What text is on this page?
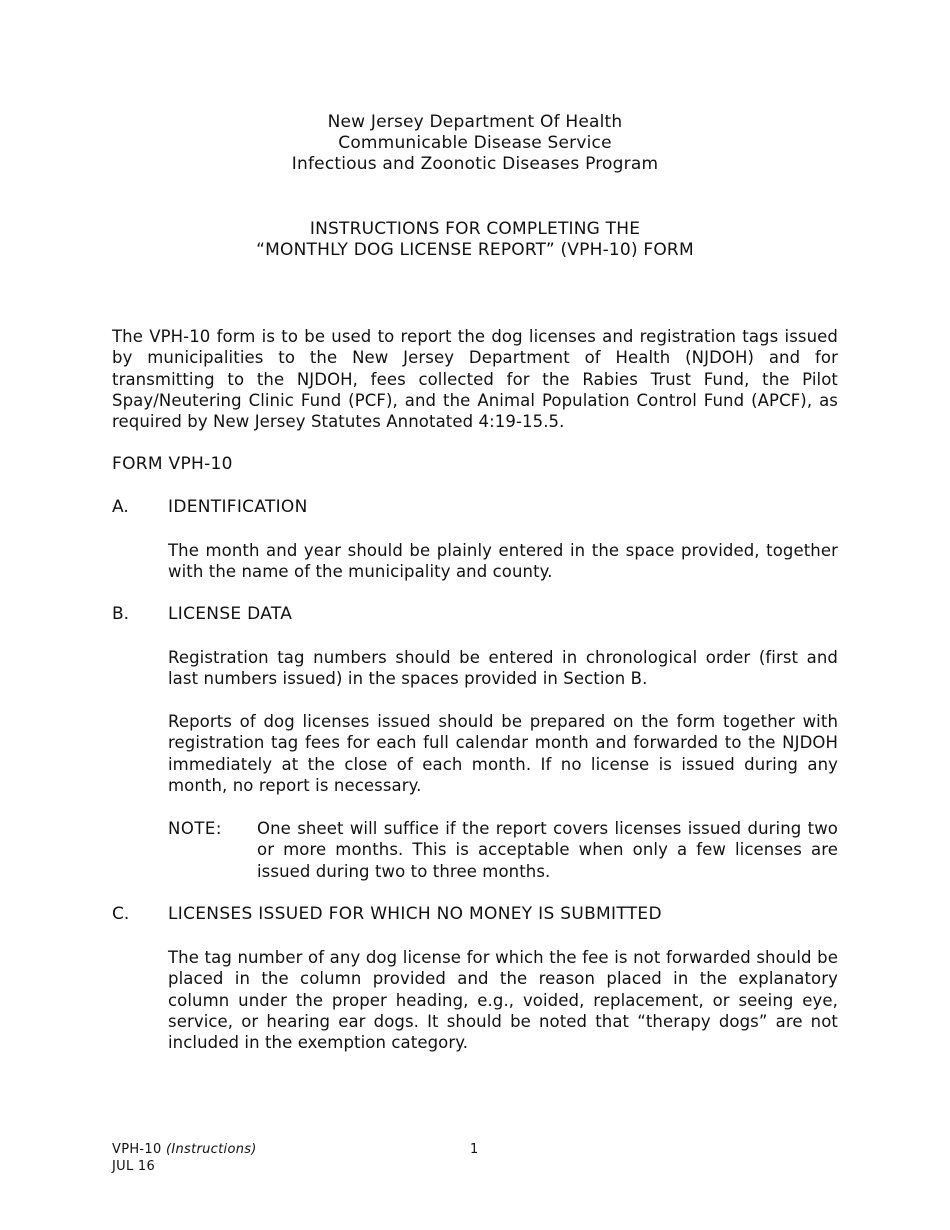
New Jersey Department Of Health
Communicable Disease Service
Infectious and Zoonotic Diseases Program
INSTRUCTIONS FOR COMPLETING THE
“MONTHLY DOG LICENSE REPORT” (VPH-10) FORM
The VPH-10 form is to be used to report the dog licenses and registration tags issued by municipalities to the New Jersey Department of Health (NJDOH) and for transmitting to the NJDOH, fees collected for the Rabies Trust Fund, the Pilot Spay/Neutering Clinic Fund (PCF), and the Animal Population Control Fund (APCF), as required by New Jersey Statutes Annotated 4:19-15.5.
FORM VPH-10
A. IDENTIFICATION
The month and year should be plainly entered in the space provided, together with the name of the municipality and county.
B. LICENSE DATA
Registration tag numbers should be entered in chronological order (first and last numbers issued) in the spaces provided in Section B.
Reports of dog licenses issued should be prepared on the form together with registration tag fees for each full calendar month and forwarded to the NJDOH immediately at the close of each month. If no license is issued during any month, no report is necessary.
NOTE: One sheet will suffice if the report covers licenses issued during two or more months. This is acceptable when only a few licenses are issued during two to three months.
C. LICENSES ISSUED FOR WHICH NO MONEY IS SUBMITTED
The tag number of any dog license for which the fee is not forwarded should be placed in the column provided and the reason placed in the explanatory column under the proper heading, e.g., voided, replacement, or seeing eye, service, or hearing ear dogs. It should be noted that “therapy dogs” are not included in the exemption category.
VPH-10 (Instructions)
JUL 16
1
